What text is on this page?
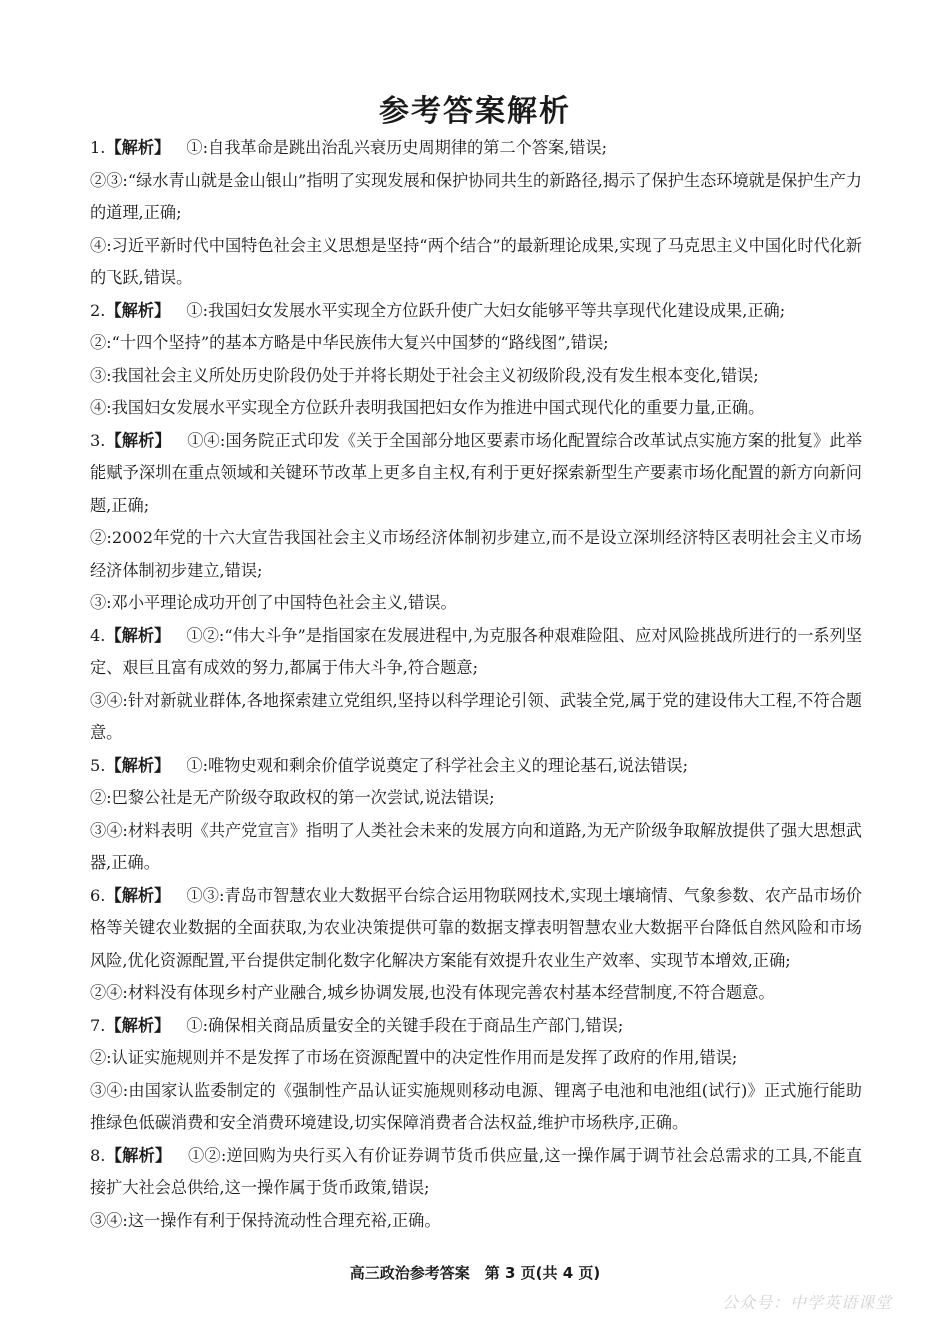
参考答案解析

1.【解析】  ①:自我革命是跳出治乱兴衰历史周期律的第二个答案,错误;

②③:“绿水青山就是金山银山”指明了实现发展和保护协同共生的新路径,揭示了保护生态环境就是保护生产力的道理,正确;

④:习近平新时代中国特色社会主义思想是坚持“两个结合”的最新理论成果,实现了马克思主义中国化时代化新的飞跃,错误。

2.【解析】  ①:我国妇女发展水平实现全方位跃升使广大妇女能够平等共享现代化建设成果,正确;

②:“十四个坚持”的基本方略是中华民族伟大复兴中国梦的“路线图”,错误;

③:我国社会主义所处历史阶段仍处于并将长期处于社会主义初级阶段,没有发生根本变化,错误;

④:我国妇女发展水平实现全方位跃升表明我国把妇女作为推进中国式现代化的重要力量,正确。

3.【解析】  ①④:国务院正式印发《关于全国部分地区要素市场化配置综合改革试点实施方案的批复》此举能赋予深圳在重点领域和关键环节改革上更多自主权,有利于更好探索新型生产要素市场化配置的新方向新问题,正确;

②:2002年党的十六大宣告我国社会主义市场经济体制初步建立,而不是设立深圳经济特区表明社会主义市场经济体制初步建立,错误;

③:邓小平理论成功开创了中国特色社会主义,错误。

4.【解析】  ①②:“伟大斗争”是指国家在发展进程中,为克服各种艰难险阻、应对风险挑战所进行的一系列坚定、艰巨且富有成效的努力,都属于伟大斗争,符合题意;

③④:针对新就业群体,各地探索建立党组织,坚持以科学理论引领、武装全党,属于党的建设伟大工程,不符合题意。

5.【解析】  ①:唯物史观和剩余价值学说奠定了科学社会主义的理论基石,说法错误;

②:巴黎公社是无产阶级夺取政权的第一次尝试,说法错误;

③④:材料表明《共产党宣言》指明了人类社会未来的发展方向和道路,为无产阶级争取解放提供了强大思想武器,正确。

6.【解析】  ①③:青岛市智慧农业大数据平台综合运用物联网技术,实现土壤墒情、气象参数、农产品市场价格等关键农业数据的全面获取,为农业决策提供可靠的数据支撑表明智慧农业大数据平台降低自然风险和市场风险,优化资源配置,平台提供定制化数字化解决方案能有效提升农业生产效率、实现节本增效,正确;

②④:材料没有体现乡村产业融合,城乡协调发展,也没有体现完善农村基本经营制度,不符合题意。

7.【解析】  ①:确保相关商品质量安全的关键手段在于商品生产部门,错误;

②:认证实施规则并不是发挥了市场在资源配置中的决定性作用而是发挥了政府的作用,错误;

③④:由国家认监委制定的《强制性产品认证实施规则移动电源、锂离子电池和电池组(试行)》正式施行能助推绿色低碳消费和安全消费环境建设,切实保障消费者合法权益,维护市场秩序,正确。

8.【解析】  ①②:逆回购为央行买入有价证券调节货币供应量,这一操作属于调节社会总需求的工具,不能直接扩大社会总供给,这一操作属于货币政策,错误;

③④:这一操作有利于保持流动性合理充裕,正确。

高三政治参考答案　第 3 页(共 4 页)
公众号：中学英语课堂
